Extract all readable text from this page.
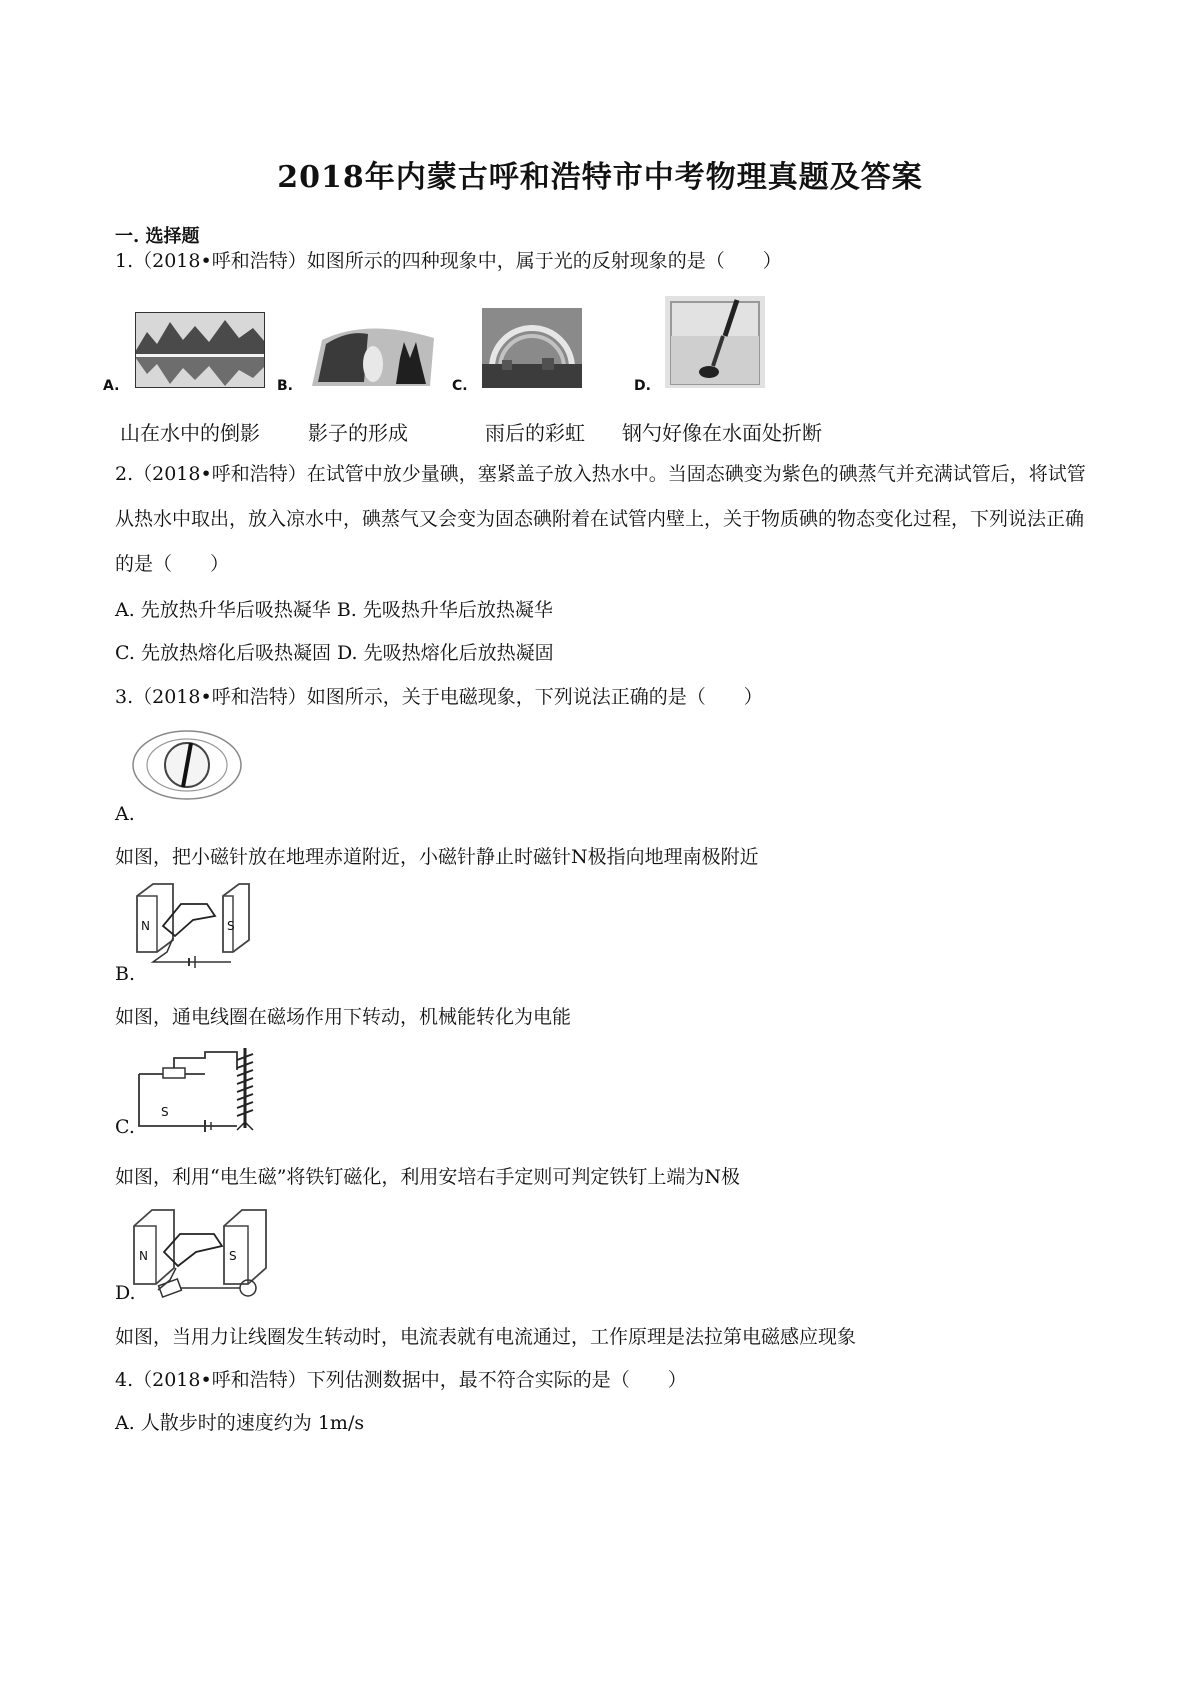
2018年内蒙古呼和浩特市中考物理真题及答案
一. 选择题
1.（2018•呼和浩特）如图所示的四种现象中，属于光的反射现象的是（　　）
A.	B.	C.	D.
山在水中的倒影 影子的形成	雨后的彩虹 钢勺好像在水面处折断
2.（2018•呼和浩特）在试管中放少量碘，塞紧盖子放入热水中。当固态碘变为紫色的碘蒸气并充满试管后，将试管从热水中取出，放入凉水中，碘蒸气又会变为固态碘附着在试管内壁上，关于物质碘的物态变化过程，下列说法正确的是（　　）
A. 先放热升华后吸热凝华 B. 先吸热升华后放热凝华
C. 先放热熔化后吸热凝固 D. 先吸热熔化后放热凝固
3.（2018•呼和浩特）如图所示，关于电磁现象，下列说法正确的是（　　）
A.
如图，把小磁针放在地理赤道附近，小磁针静止时磁针N极指向地理南极附近
N	S
B.
如图，通电线圈在磁场作用下转动，机械能转化为电能
S
C.
如图，利用“电生磁”将铁钉磁化，利用安培右手定则可判定铁钉上端为N极
N	S
D.
如图，当用力让线圈发生转动时，电流表就有电流通过，工作原理是法拉第电磁感应现象
4.（2018•呼和浩特）下列估测数据中，最不符合实际的是（　　）
A. 人散步时的速度约为 1m/s
